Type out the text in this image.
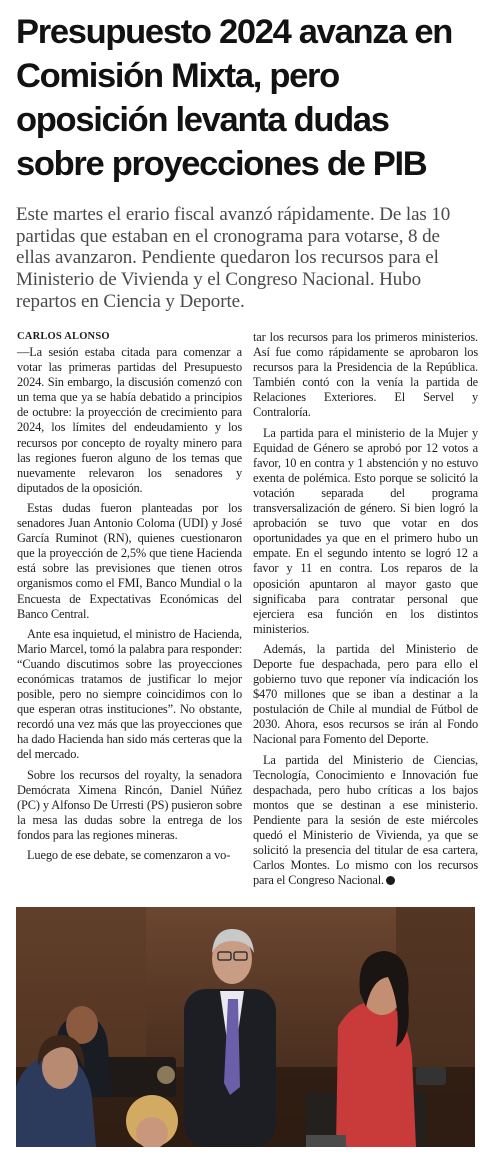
Presupuesto 2024 avanza en Comisión Mixta, pero oposición levanta dudas sobre proyecciones de PIB

Este martes el erario fiscal avanzó rápidamente. De las 10 partidas que estaban en el cronograma para votarse, 8 de ellas avanzaron. Pendiente quedaron los recursos para el Ministerio de Vivienda y el Congreso Nacional. Hubo repartos en Ciencia y Deporte.

CARLOS ALONSO

—La sesión estaba citada para comenzar a votar las primeras partidas del Presupuesto 2024. Sin embargo, la discusión comenzó con un tema que ya se había debatido a principios de octubre: la proyección de crecimiento para 2024, los límites del endeudamiento y los recursos por concepto de royalty minero para las regiones fueron alguno de los temas que nuevamente relevaron los senadores y diputados de la oposición.

Estas dudas fueron planteadas por los senadores Juan Antonio Coloma (UDI) y José García Ruminot (RN), quienes cuestionaron que la proyección de 2,5% que tiene Hacienda está sobre las previsiones que tienen otros organismos como el FMI, Banco Mundial o la Encuesta de Expectativas Económicas del Banco Central.

Ante esa inquietud, el ministro de Hacienda, Mario Marcel, tomó la palabra para responder: “Cuando discutimos sobre las proyecciones económicas tratamos de justificar lo mejor posible, pero no siempre coincidimos con lo que esperan otras instituciones”. No obstante, recordó una vez más que las proyecciones que ha dado Hacienda han sido más certeras que la del mercado.

Sobre los recursos del royalty, la senadora Demócrata Ximena Rincón, Daniel Núñez (PC) y Alfonso De Urresti (PS) pusieron sobre la mesa las dudas sobre la entrega de los fondos para las regiones mineras.

Luego de ese debate, se comenzaron a vo-

tar los recursos para los primeros ministerios. Así fue como rápidamente se aprobaron los recursos para la Presidencia de la República. También contó con la venía la partida de Relaciones Exteriores. El Servel y Contraloría.

La partida para el ministerio de la Mujer y Equidad de Género se aprobó por 12 votos a favor, 10 en contra y 1 abstención y no estuvo exenta de polémica. Esto porque se solicitó la votación separada del programa transversalización de género. Si bien logró la aprobación se tuvo que votar en dos oportunidades ya que en el primero hubo un empate. En el segundo intento se logró 12 a favor y 11 en contra. Los reparos de la oposición apuntaron al mayor gasto que significaba para contratar personal que ejerciera esa función en los distintos ministerios.

Además, la partida del Ministerio de Deporte fue despachada, pero para ello el gobierno tuvo que reponer vía indicación los $470 millones que se iban a destinar a la postulación de Chile al mundial de Fútbol de 2030. Ahora, esos recursos se irán al Fondo Nacional para Fomento del Deporte.

La partida del Ministerio de Ciencias, Tecnología, Conocimiento e Innovación fue despachada, pero hubo críticas a los bajos montos que se destinan a ese ministerio. Pendiente para la sesión de este miércoles quedó el Ministerio de Vivienda, ya que se solicitó la presencia del titular de esa cartera, Carlos Montes. Lo mismo con los recursos para el Congreso Nacional.
